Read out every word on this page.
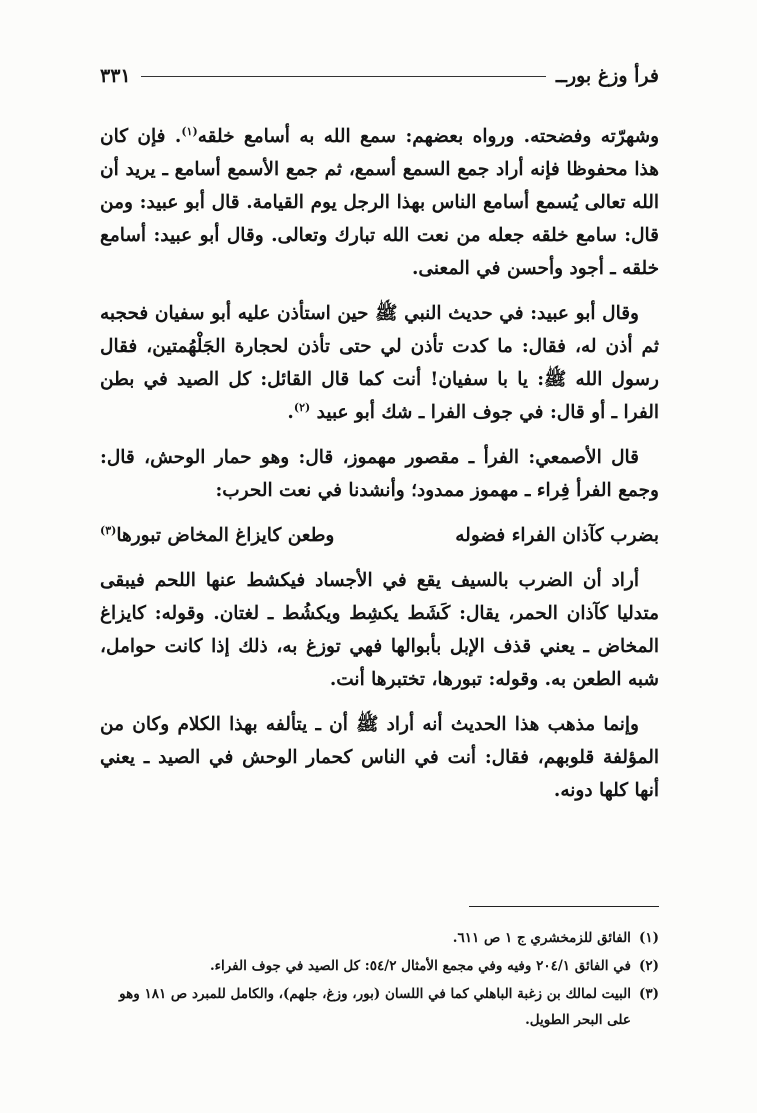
فرأ وزغ بورــ
٣٣١

وشهرّته وفضحته. ورواه بعضهم: سمع الله به أسامع خلقه$^{(١)}$. فإن كان هذا محفوظا فإنه أراد جمع السمع أسمع، ثم جمع الأسمع أسامع ـ يريد أن الله تعالى يُسمع أسامع الناس بهذا الرجل يوم القيامة. قال أبو عبيد: ومن قال: سامع خلقه جعله من نعت الله تبارك وتعالى. وقال أبو عبيد: أسامع خلقه ـ أجود وأحسن في المعنى.

وقال أبو عبيد: في حديث النبي ﷺ حين استأذن عليه أبو سفيان فحجبه ثم أذن له، فقال: ما كدت تأذن لي حتى تأذن لحجارة الجَلْهُمتين، فقال رسول الله ﷺ: يا با سفيان! أنت كما قال القائل: كل الصيد في بطن الفرا ـ أو قال: في جوف الفرا ـ شك أبو عبيد $^{(٢)}$.

قال الأصمعي: الفرأ ـ مقصور مهموز، قال: وهو حمار الوحش، قال: وجمع الفرأ فِراء ـ مهموز ممدود؛ وأنشدنا في نعت الحرب:

بضرب كآذان الفراء فضوله
وطعن كايزاغ المخاض تبورها$^{(٣)}$

أراد أن الضرب بالسيف يقع في الأجساد فيكشط عنها اللحم فيبقى متدليا كآذان الحمر، يقال: كَشَط يكشِط ويكشُط ـ لغتان. وقوله: كايزاغ المخاض ـ يعني قذف الإبل بأبوالها فهي توزغ به، ذلك إذا كانت حوامل، شبه الطعن به. وقوله: تبورها، تختبرها أنت.

وإنما مذهب هذا الحديث أنه أراد ﷺ أن ـ يتألفه بهذا الكلام وكان من المؤلفة قلوبهم، فقال: أنت في الناس كحمار الوحش في الصيد ـ يعني أنها كلها دونه.

(١)
الفائق للزمخشري ج ١ ص ٦١١.
(٢)
في الفائق ٢٠٤/١ وفيه وفي مجمع الأمثال ٥٤/٢: كل الصيد في جوف الفراء.
(٣)
البيت لمالك بن زغبة الباهلي كما في اللسان (بور، وزغ، جلهم)، والكامل للمبرد ص ١٨١ وهو على البحر الطويل.
